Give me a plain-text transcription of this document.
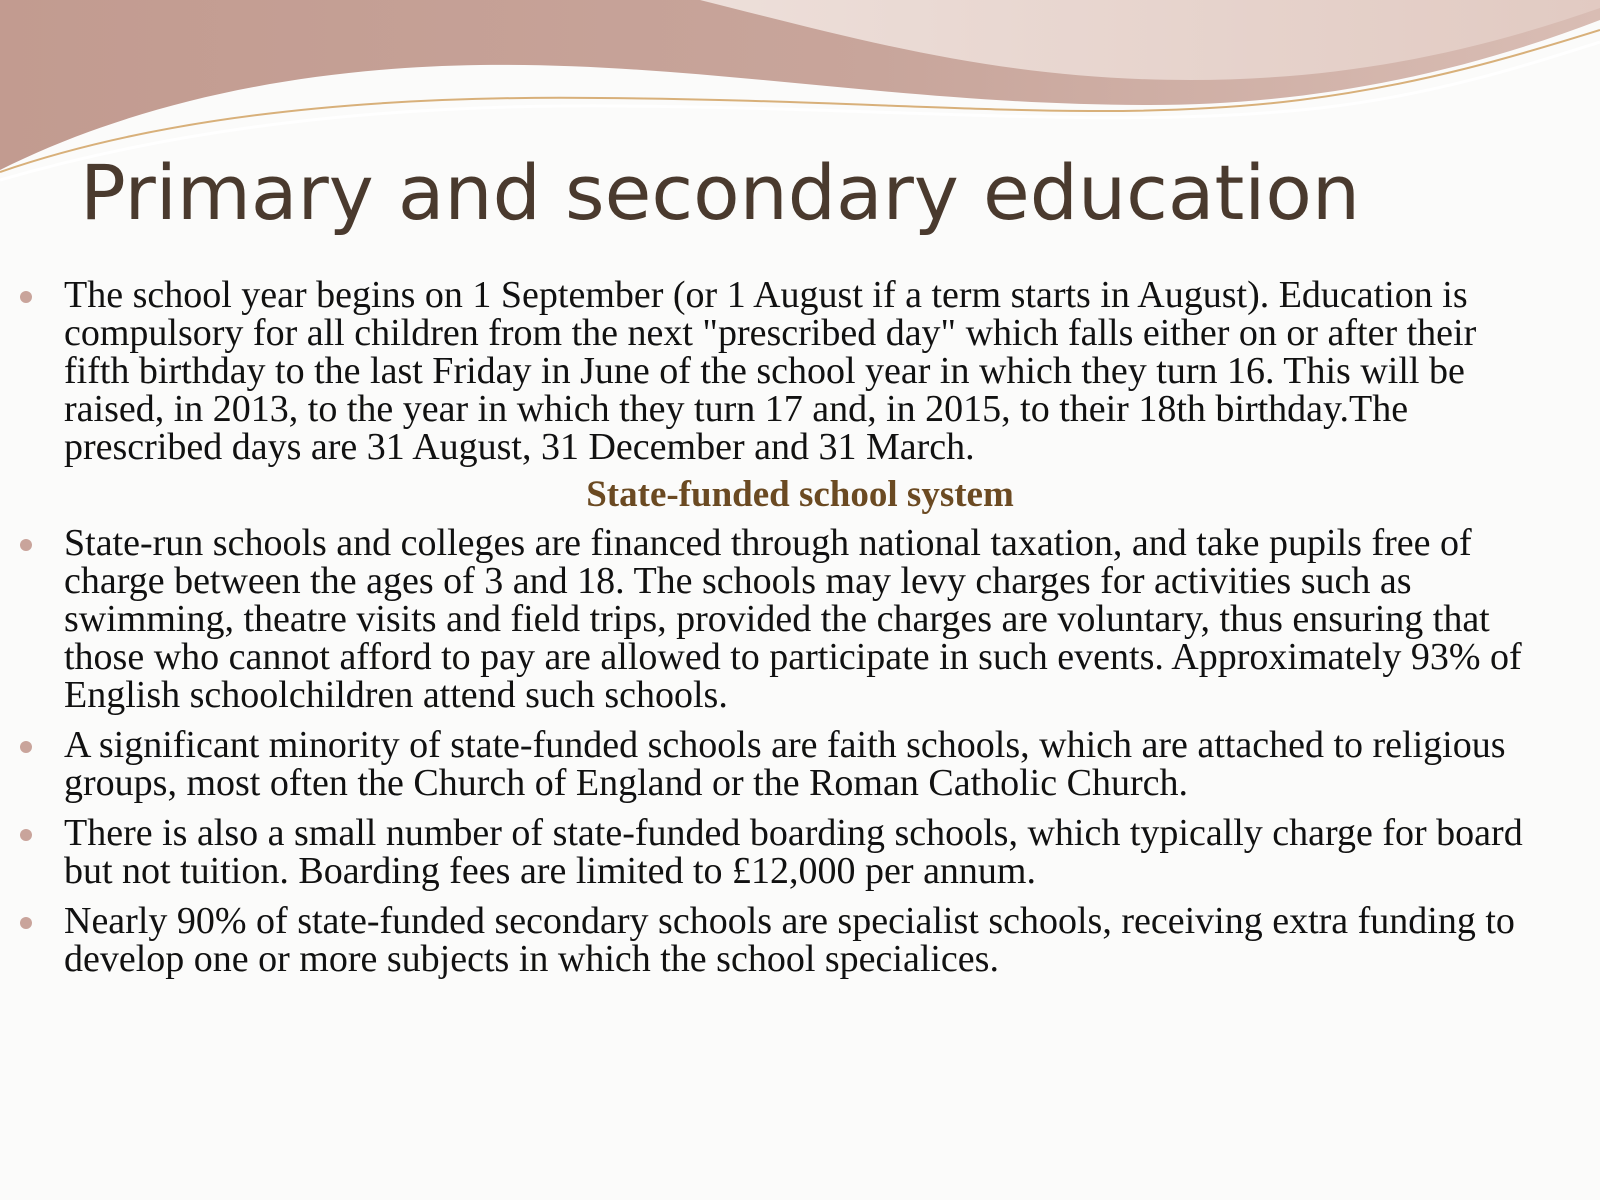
Primary and secondary education
The school year begins on 1 September (or 1 August if a term starts in August). Education is compulsory for all children from the next "prescribed day" which falls either on or after their fifth birthday to the last Friday in June of the school year in which they turn 16. This will be raised, in 2013, to the year in which they turn 17 and, in 2015, to their 18th birthday.The prescribed days are 31 August, 31 December and 31 March.
State-funded school system
State-run schools and colleges are financed through national taxation, and take pupils free of charge between the ages of 3 and 18. The schools may levy charges for activities such as swimming, theatre visits and field trips, provided the charges are voluntary, thus ensuring that those who cannot afford to pay are allowed to participate in such events. Approximately 93% of English schoolchildren attend such schools.
A significant minority of state-funded schools are faith schools, which are attached to religious groups, most often the Church of England or the Roman Catholic Church.
There is also a small number of state-funded boarding schools, which typically charge for board but not tuition. Boarding fees are limited to £12,000 per annum.
Nearly 90% of state-funded secondary schools are specialist schools, receiving extra funding to develop one or more subjects in which the school specialices.
